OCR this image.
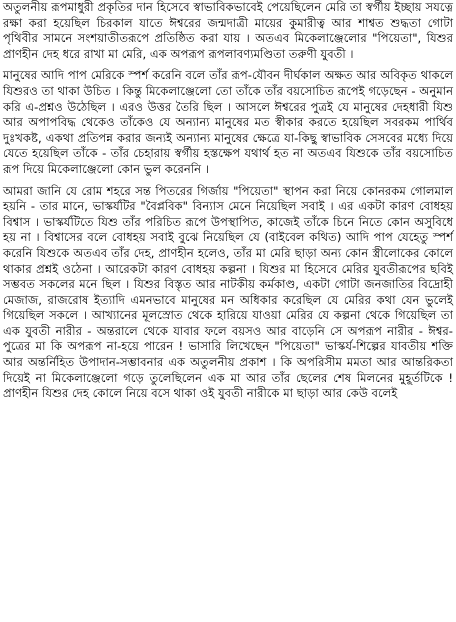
অতুলনীয় রূপমাধুরী প্রকৃতির দান হিসেবে স্বাভাবিকভাবেই পেয়েছিলেন মেরি তা স্বর্গীয় ইচ্ছায় সযত্নে রক্ষা করা হয়েছিল চিরকাল যাতে ঈশ্বরের জন্মদাত্রী মায়ের কুমারীত্ব আর শাশ্বত শুদ্ধতা গোটা পৃথিবীর সামনে সংশয়াতীতরূপে প্রতিষ্ঠিত করা যায় । অতএব মিকেলাঞ্জেলোর "পিয়েতা", যিশুর প্রাণহীন দেহ ধরে রাখা মা মেরি, এক অপরূপ রূপলাবণ্যমণ্ডিতা তরুণী যুবতী ।

মানুষের আদি পাপ মেরিকে স্পর্শ করেনি বলে তাঁর রূপ-যৌবন দীর্ঘকাল অক্ষত আর অবিকৃত থাকলে যিশুরও তা থাকা উচিত । কিন্তু মিকেলাঞ্জেলো তো তাঁকে তাঁর বয়সোচিত রূপেই গড়েছেন - অনুমান করি এ-প্রশ্নও উঠেছিল । এরও উত্তর তৈরি ছিল । আসলে ঈশ্বরের পুত্রই যে মানুষের দেহধারী যিশু আর অপাপবিদ্ধ থেকেও তাঁকেও যে অন্যান্য মানুষের মত স্বীকার করতে হয়েছিল সবরকম পার্থিব দুঃখকষ্ট, একথা প্রতিপন্ন করার জন্যই অন্যান্য মানুষের ক্ষেত্রে যা-কিছু স্বাভাবিক সেসবের মধ্যে দিয়ে যেতে হয়েছিল তাঁকে - তাঁর চেহারায় স্বর্গীয় হস্তক্ষেপ যথার্থ হত না অতএব যিশুকে তাঁর বয়সোচিত রূপ দিয়ে মিকেলাঞ্জেলো কোন ভুল করেননি ।

আমরা জানি যে রোম শহরে সন্ত পিতরের গির্জায় "পিয়েতা" স্থাপন করা নিয়ে কোনরকম গোলমাল হয়নি - তার মানে, ভাস্কর্যটির "বৈপ্লবিক" বিন্যাস মেনে নিয়েছিল সবাই । এর একটা কারণ বোধহয় বিশ্বাস । ভাস্কর্যটিতে যিশু তাঁর পরিচিত রূপে উপস্থাপিত, কাজেই তাঁকে চিনে নিতে কোন অসুবিধে হয় না । বিশ্বাসের বলে বোধহয় সবাই বুঝে নিয়েছিল যে (বাইবেল কথিত) আদি পাপ যেহেতু স্পর্শ করেনি যিশুকে অতএব তাঁর দেহ, প্রাণহীন হলেও, তাঁর মা মেরি ছাড়া অন্য কোন স্ত্রীলোকের কোলে থাকার প্রশ্নই ওঠেনা । আরেকটা কারণ বোধহয় কল্পনা । যিশুর মা হিসেবে মেরির যুবতীরূপের ছবিই সম্ভবত সকলের মনে ছিল । যিশুর বিস্তৃত আর নাটকীয় কর্মকাণ্ড, একটা গোটা জনজাতির বিদ্রোহী মেজাজ, রাজরোষ ইত্যাদি এমনভাবে মানুষের মন অধিকার করেছিল যে মেরির কথা যেন ভুলেই গিয়েছিল সকলে । আখ্যানের মূলস্রোত থেকে হারিয়ে যাওয়া মেরির যে কল্পনা থেকে গিয়েছিল তা এক যুবতী নারীর - অন্তরালে থেকে যাবার ফলে বয়সও আর বাড়েনি সে অপরূপ নারীর - ঈশ্বর-পুত্রের মা কি অপরূপ না-হয়ে পারেন ! ভাসারি লিখেছেন "পিয়েতা" ভাস্কর্য-শিল্পের যাবতীয় শক্তি আর অন্তর্নিহিত উপাদান-সম্ভাবনার এক অতুলনীয় প্রকাশ । কি অপরিসীম মমতা আর আন্তরিকতা দিয়েই না মিকেলাঞ্জেলো গড়ে তুলেছিলেন এক মা আর তাঁর ছেলের শেষ মিলনের মুহূর্তটিকে ! প্রাণহীন যিশুর দেহ কোলে নিয়ে বসে থাকা ওই যুবতী নারীকে মা ছাড়া আর কেউ বলেই
